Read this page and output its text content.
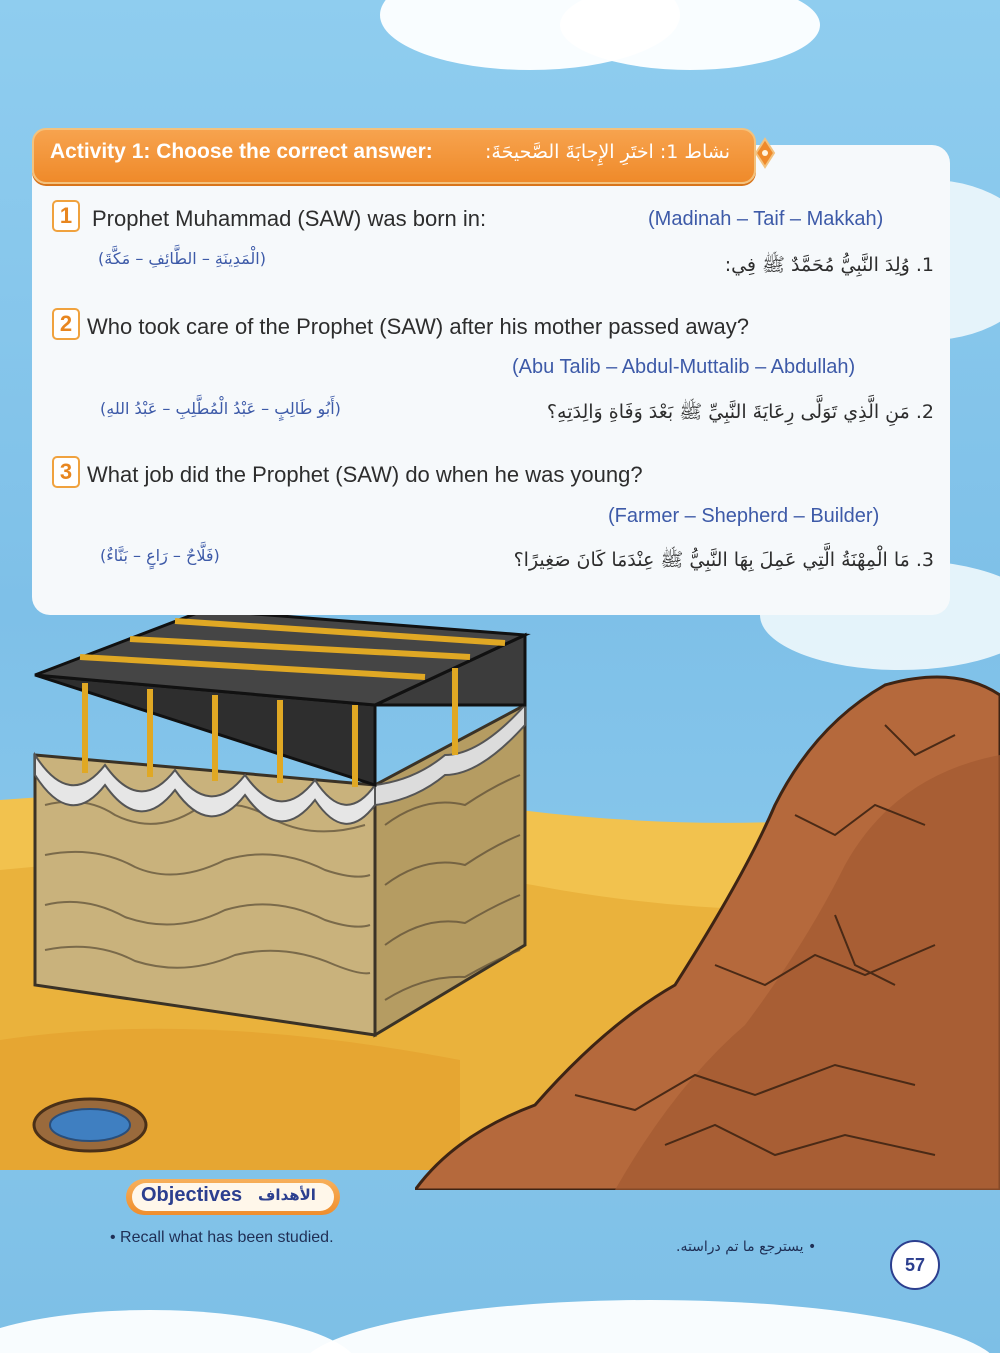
Activity 1: Choose the correct answer:	نشاط 1: اختَرِ الإِجابَةَ الصَّحيحَةَ:
1 Prophet Muhammad (SAW) was born in:	(Madinah – Taif – Makkah)
(الْمَدِينَةِ – الطَّائِفِ – مَكَّةَ)	1. وُلِدَ النَّبِيُّ مُحَمَّدٌ ﷺ فِي:
2 Who took care of the Prophet (SAW) after his mother passed away?
(Abu Talib – Abdul-Muttalib – Abdullah)
(أَبُو طَالِبٍ – عَبْدُ الْمُطَّلِبِ – عَبْدُ اللهِ)	2. مَنِ الَّذِي تَوَلَّى رِعَايَةَ النَّبِيِّ ﷺ بَعْدَ وَفَاةِ وَالِدَتِهِ؟
3 What job did the Prophet (SAW) do when he was young?
(Farmer – Shepherd – Builder)
(فَلَّاحٌ – رَاعٍ – بَنَّاءٌ)	3. مَا الْمِهْنَةُ الَّتِي عَمِلَ بِهَا النَّبِيُّ ﷺ عِنْدَمَا كَانَ صَغِيرًا؟
Objectives الأهداف
• Recall what has been studied.
• يسترجع ما تم دراسته.
57
